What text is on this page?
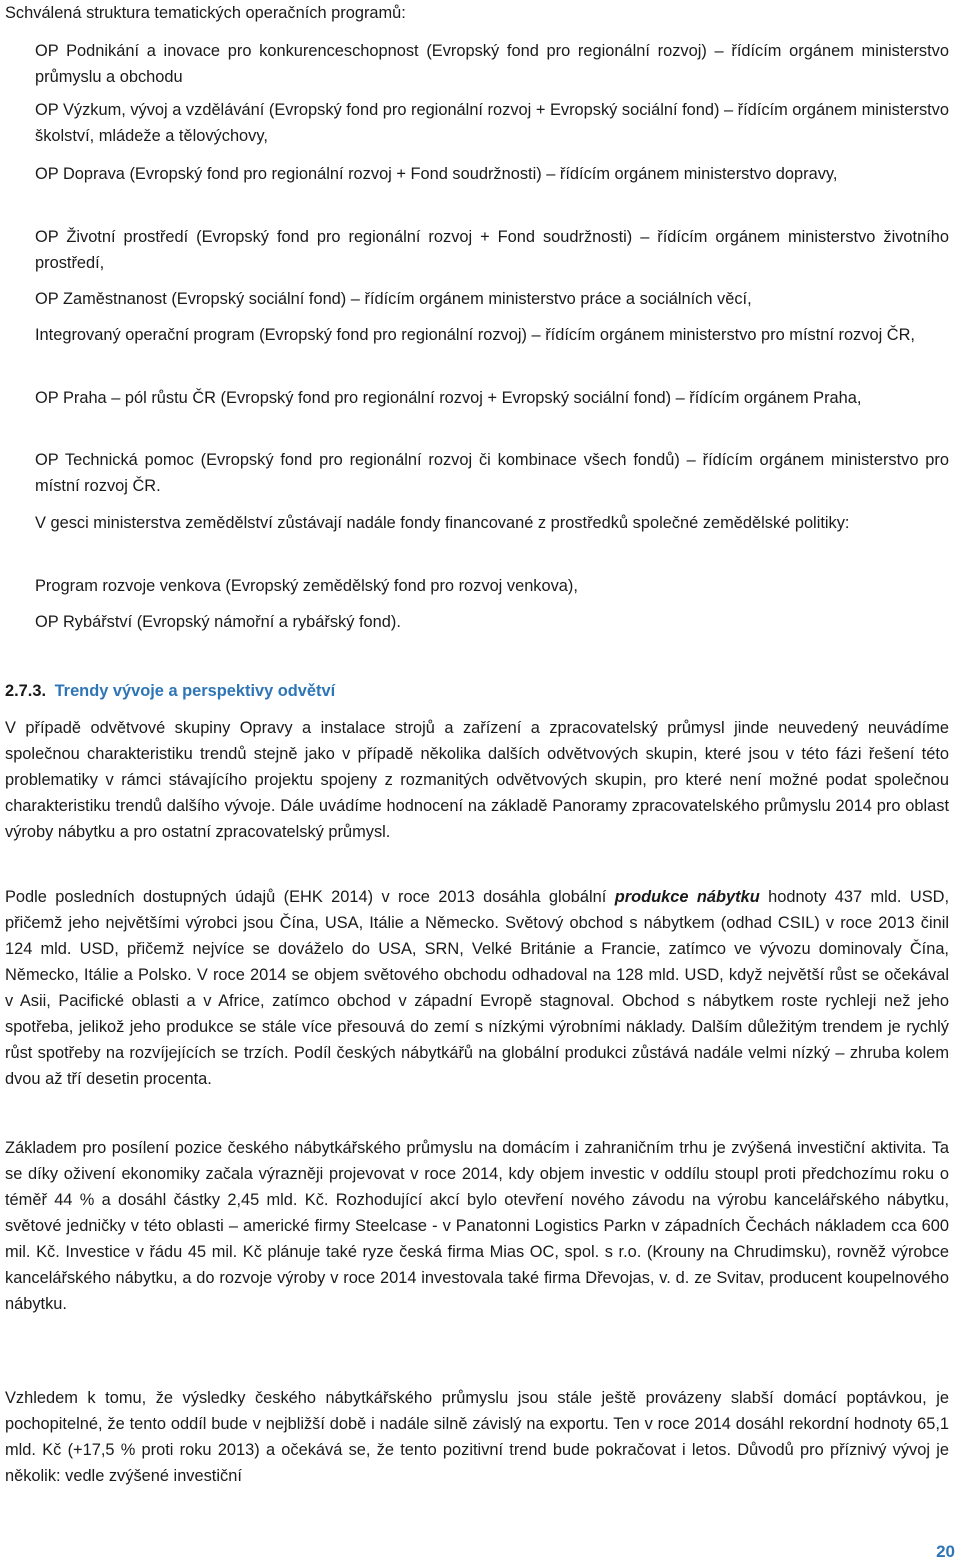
Schválená struktura tematických operačních programů:

OP Podnikání a inovace pro konkurenceschopnost (Evropský fond pro regionální rozvoj) – řídícím orgánem ministerstvo průmyslu a obchodu

OP Výzkum, vývoj a vzdělávání (Evropský fond pro regionální rozvoj + Evropský sociální fond) – řídícím orgánem ministerstvo školství, mládeže a tělovýchovy,

OP Doprava (Evropský fond pro regionální rozvoj + Fond soudržnosti) – řídícím orgánem ministerstvo dopravy,

OP Životní prostředí (Evropský fond pro regionální rozvoj + Fond soudržnosti) – řídícím orgánem ministerstvo životního prostředí,

OP Zaměstnanost (Evropský sociální fond) – řídícím orgánem ministerstvo práce a sociálních věcí,

Integrovaný operační program (Evropský fond pro regionální rozvoj) – řídícím orgánem ministerstvo pro místní rozvoj ČR,

OP Praha – pól růstu ČR (Evropský fond pro regionální rozvoj + Evropský sociální fond) – řídícím orgánem Praha,

OP Technická pomoc (Evropský fond pro regionální rozvoj či kombinace všech fondů) – řídícím orgánem ministerstvo pro místní rozvoj ČR.

V gesci ministerstva zemědělství zůstávají nadále fondy financované z prostředků společné zemědělské politiky:

Program rozvoje venkova (Evropský zemědělský fond pro rozvoj venkova),

OP Rybářství (Evropský námořní a rybářský fond).

2.7.3. Trendy vývoje a perspektivy odvětví

V případě odvětvové skupiny Opravy a instalace strojů a zařízení a zpracovatelský průmysl jinde neuvedený neuvádíme společnou charakteristiku trendů stejně jako v případě několika dalších odvětvových skupin, které jsou v této fázi řešení této problematiky v rámci stávajícího projektu spojeny z rozmanitých odvětvových skupin, pro které není možné podat společnou charakteristiku trendů dalšího vývoje. Dále uvádíme hodnocení na základě Panoramy zpracovatelského průmyslu 2014 pro oblast výroby nábytku a pro ostatní zpracovatelský průmysl.

Podle posledních dostupných údajů (EHK 2014) v roce 2013 dosáhla globální produkce nábytku hodnoty 437 mld. USD, přičemž jeho největšími výrobci jsou Čína, USA, Itálie a Německo. Světový obchod s nábytkem (odhad CSIL) v roce 2013 činil 124 mld. USD, přičemž nejvíce se dováželo do USA, SRN, Velké Británie a Francie, zatímco ve vývozu dominovaly Čína, Německo, Itálie a Polsko. V roce 2014 se objem světového obchodu odhadoval na 128 mld. USD, když největší růst se očekával v Asii, Pacifické oblasti a v Africe, zatímco obchod v západní Evropě stagnoval. Obchod s nábytkem roste rychleji než jeho spotřeba, jelikož jeho produkce se stále více přesouvá do zemí s nízkými výrobními náklady. Dalším důležitým trendem je rychlý růst spotřeby na rozvíjejících se trzích. Podíl českých nábytkářů na globální produkci zůstává nadále velmi nízký – zhruba kolem dvou až tří desetin procenta.

Základem pro posílení pozice českého nábytkářského průmyslu na domácím i zahraničním trhu je zvýšená investiční aktivita. Ta se díky oživení ekonomiky začala výrazněji projevovat v roce 2014, kdy objem investic v oddílu stoupl proti předchozímu roku o téměř 44 % a dosáhl částky 2,45 mld. Kč. Rozhodující akcí bylo otevření nového závodu na výrobu kancelářského nábytku, světové jedničky v této oblasti – americké firmy Steelcase - v Panatonni Logistics Parkn v západních Čechách nákladem cca 600 mil. Kč. Investice v řádu 45 mil. Kč plánuje také ryze česká firma Mias OC, spol. s r.o. (Krouny na Chrudimsku), rovněž výrobce kancelářského nábytku, a do rozvoje výroby v roce 2014 investovala také firma Dřevojas, v. d. ze Svitav, producent koupelnového nábytku.

Vzhledem k tomu, že výsledky českého nábytkářského průmyslu jsou stále ještě provázeny slabší domácí poptávkou, je pochopitelné, že tento oddíl bude v nejbližší době i nadále silně závislý na exportu. Ten v roce 2014 dosáhl rekordní hodnoty 65,1 mld. Kč (+17,5 % proti roku 2013) a očekává se, že tento pozitivní trend bude pokračovat i letos. Důvodů pro příznivý vývoj je několik: vedle zvýšené investiční

20
